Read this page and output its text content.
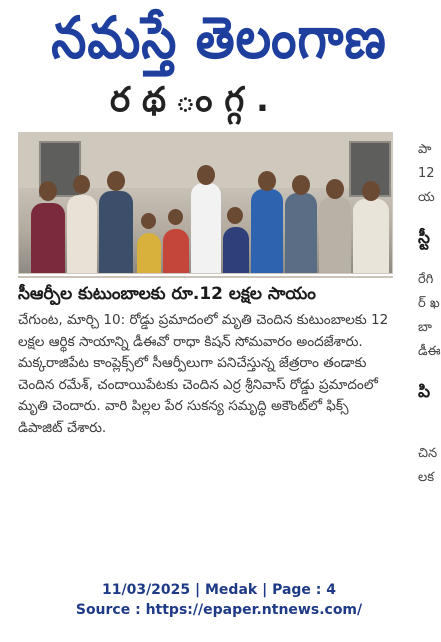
నమస్తే తెలంగాణ
ర థ ం గ్గ .
సీఆర్పీల కుటుంబాలకు రూ.12 లక్షల సాయం
చేగుంట, మార్చి 10: రోడ్డు ప్రమాదంలో మృతి చెందిన కుటుంబాలకు 12 లక్షల ఆర్థిక సాయాన్ని డీఈవో రాధా కిషన్ సోమవారం అందజేశారు. మక్కరాజిపేట కాంప్లెక్స్‌లో సీఆర్పీలుగా పనిచేస్తున్న జేత్రరాం తండాకు చెందిన రమేశ్, చందాయిపేటకు చెందిన ఎర్ర శ్రీనివాస్ రోడ్డు ప్రమాదంలో మృతి చెందారు. వారి పిల్లల పేర సుకన్య సమృద్ధి అకౌంట్‌లో ఫిక్స్ డిపాజిట్ చేశారు.
పా
12
య
స్టీ
రేగి
ర్ ఖ
బా
డీఈ
పి
చిన
లక
11/03/2025 | Medak | Page : 4
Source : https://epaper.ntnews.com/
